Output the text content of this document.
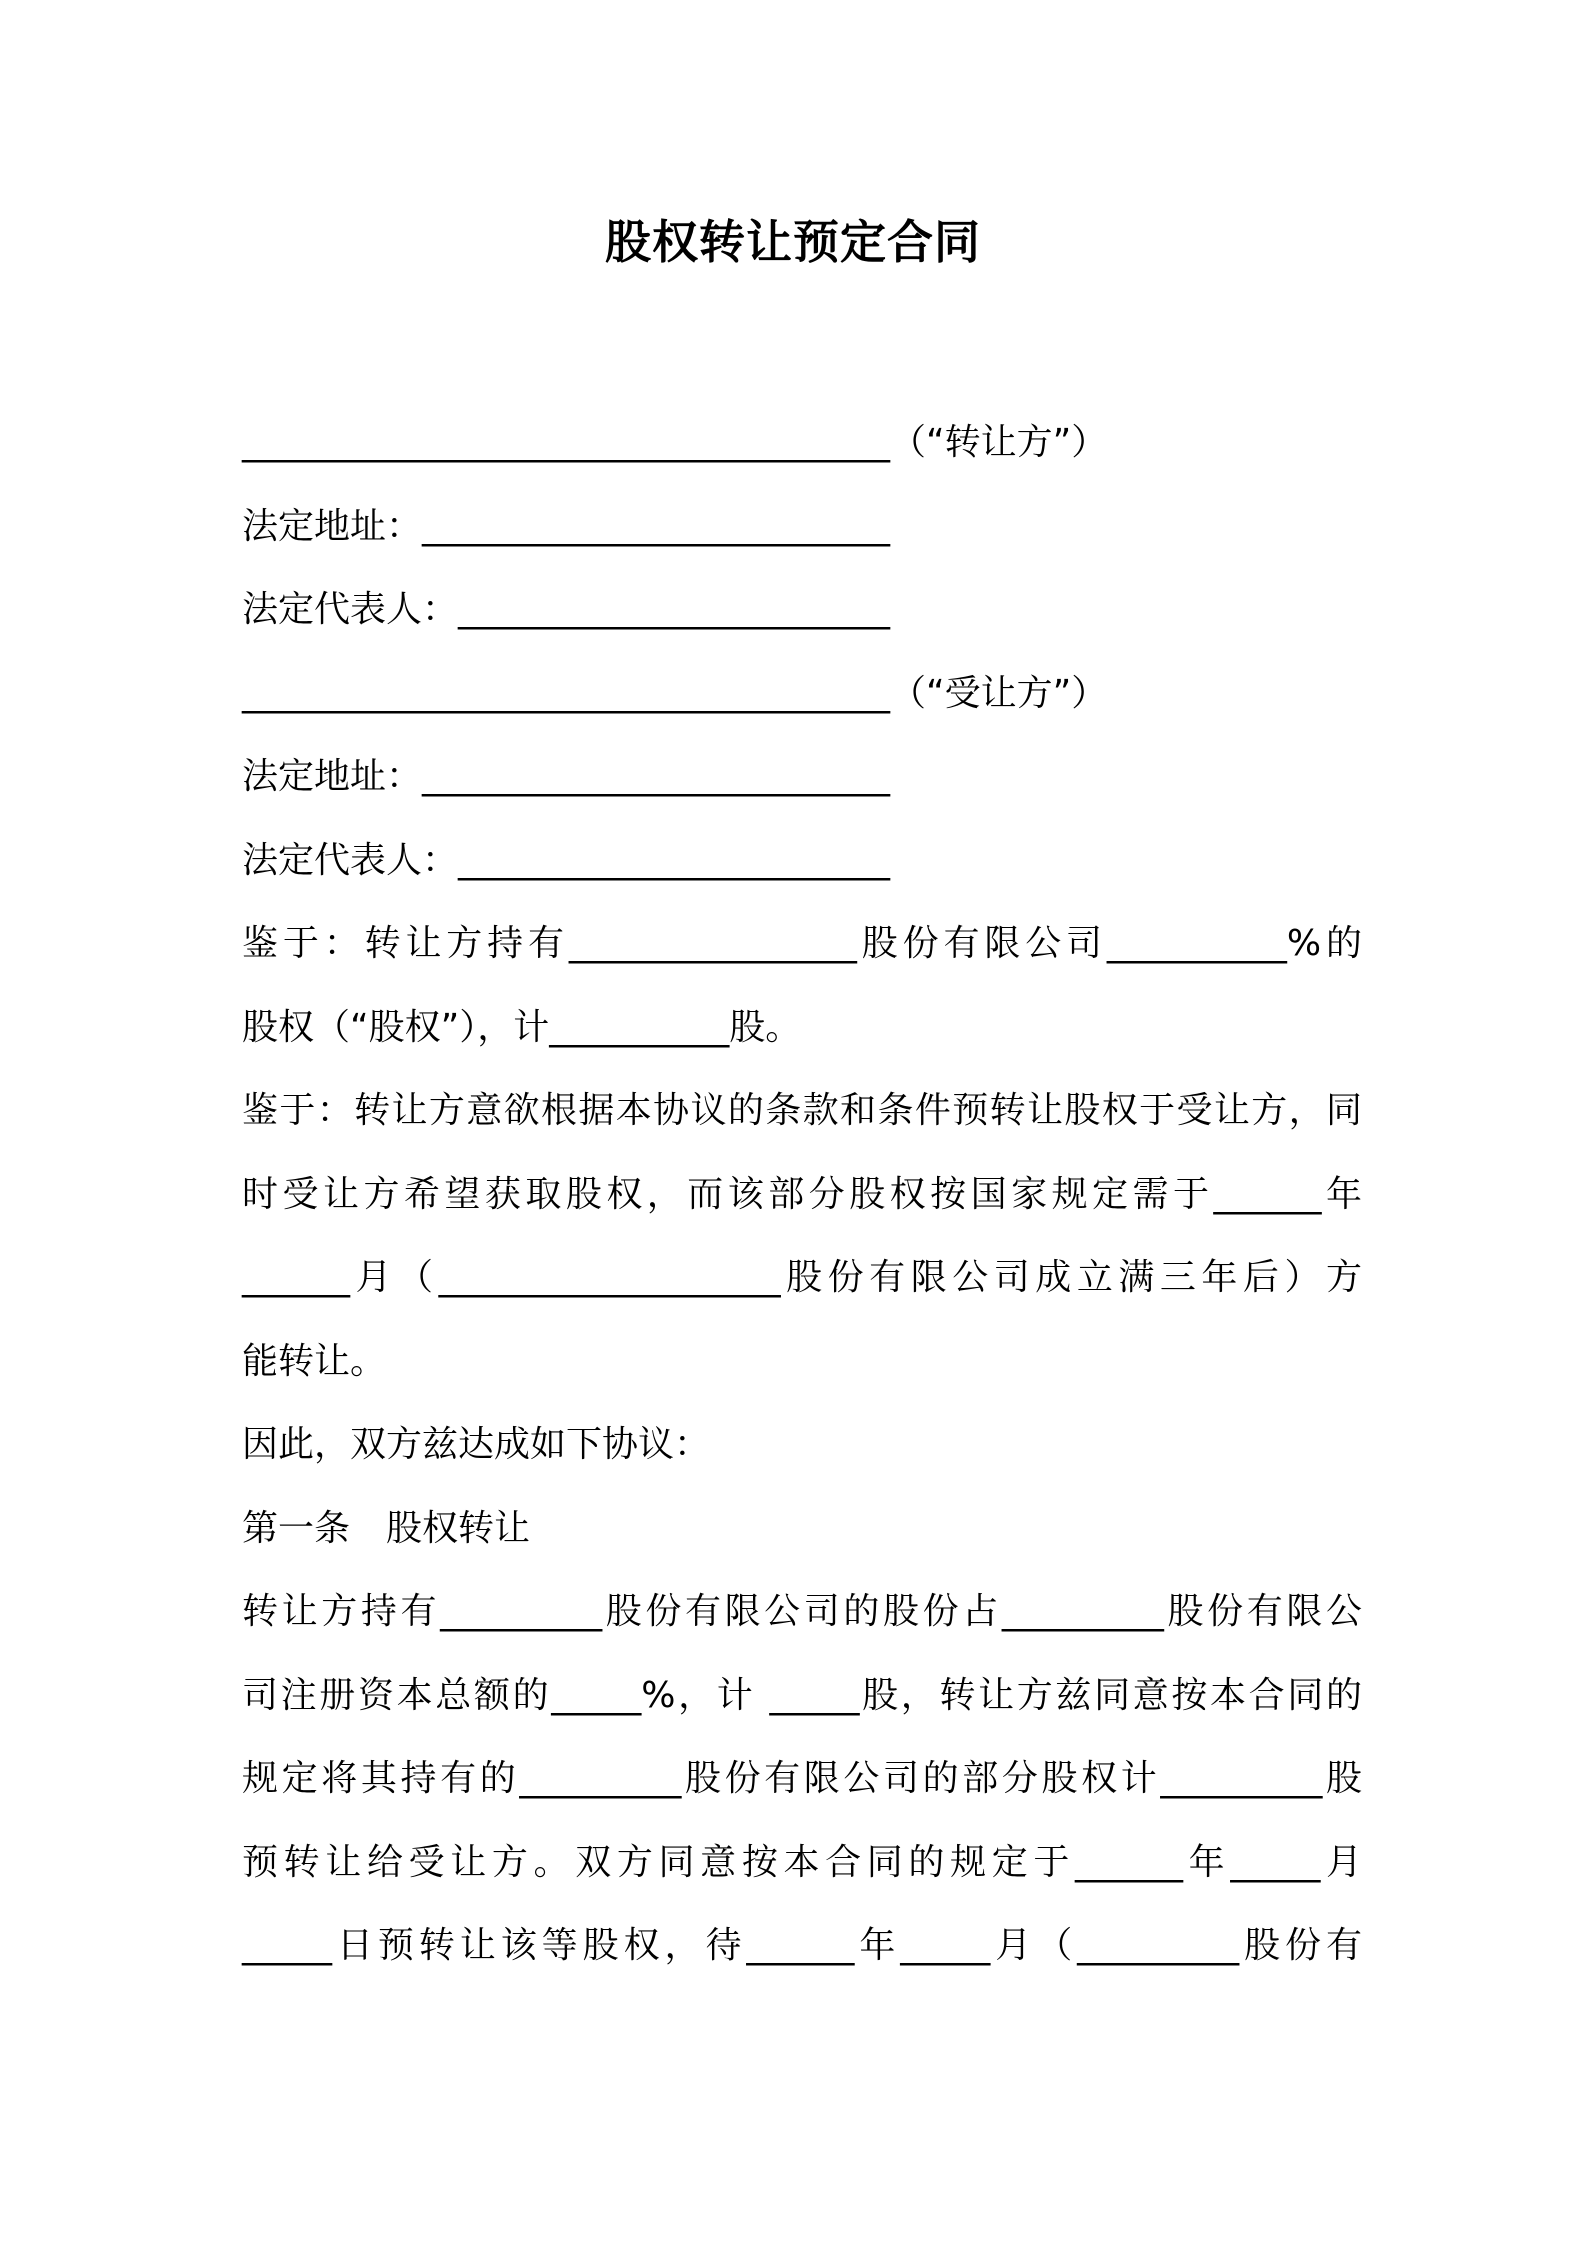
股权转让预定合同
____________________________________（“转让方”）
法定地址：__________________________
法定代表人：________________________
____________________________________（“受让方”）
法定地址：__________________________
法定代表人：________________________
鉴于：转让方持有________________股份有限公司__________%的
股权（“股权”），计__________股。
鉴于：转让方意欲根据本协议的条款和条件预转让股权于受让方，同
时受让方希望获取股权，而该部分股权按国家规定需于______年
______月（___________________股份有限公司成立满三年后）方
能转让。
因此，双方兹达成如下协议：
第一条　股权转让
转让方持有_________股份有限公司的股份占_________股份有限公
司注册资本总额的_____%，计 _____股，转让方兹同意按本合同的
规定将其持有的_________股份有限公司的部分股权计_________股
预转让给受让方。双方同意按本合同的规定于______年_____月
_____日预转让该等股权，待______年_____月（_________股份有
